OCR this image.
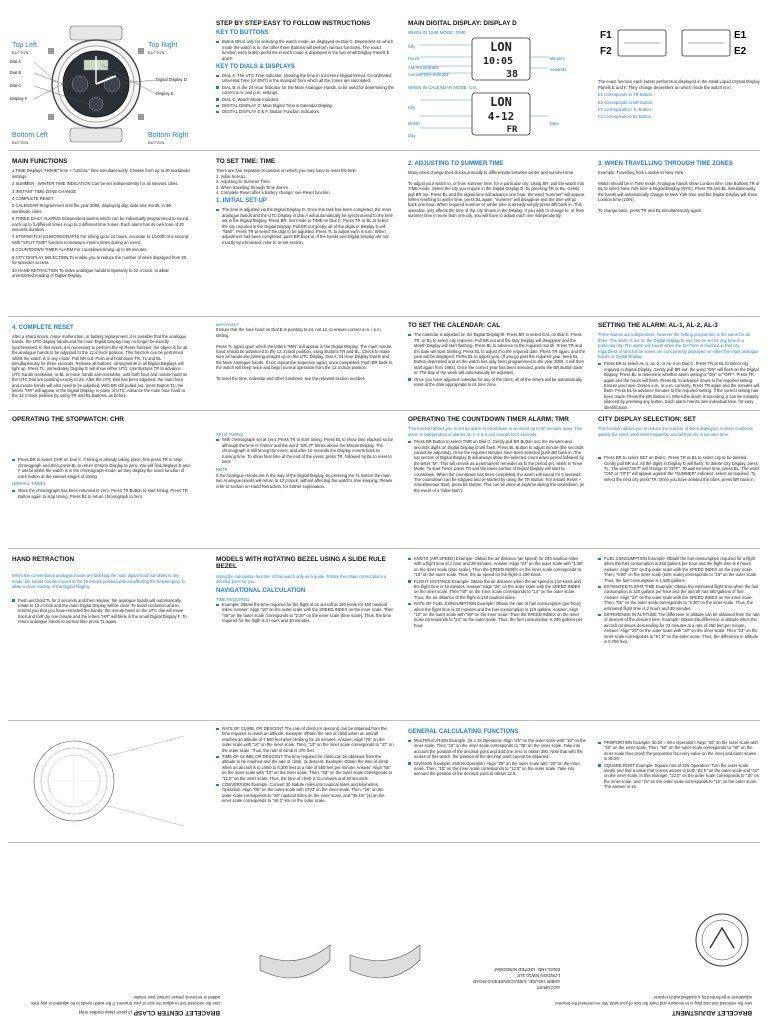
Top Left
BUTTON
Top Right
BUTTON
Bottom Left
BUTTON
Bottom Right
BUTTON
Dial A
Dial B
Dial C
Display F
Digital Display D
Display E
STEP BY STEP EASY TO FOLLOW INSTRUCTIONS
KEY TO BUTTONS
Button BR is only for selecting the watch mode, as displayed on Dial C. Dependent on which mode the watch is in, the other three Buttons will perform various functions. The exact function each button performs in each mode is displayed in the two small Display Panels E and F.
KEY TO DIALS & DISPLAYS
DIAL A: The UTC Time Indicator, showing the time in a 24 Hour Digital format. Co-ordinated Universal Time (or GMT) is the standard from which all the zones are calculated.
DIAL B: is the 24 Hour Indicator for the Main Analogue Hands, to be used for determining the correct a.m. and p.m. settings.
DIAL C: Watch Mode Indicator.
DIGITAL DISPLAY D: Main Digital Time & Calendar Display.
DIGITAL DISPLAY E & F: Button Function Indicators.
MAIN DIGITAL DISPLAY: DISPLAY D
WHEN IN TIME MODE: TIME
LON
10:05
38
City
Hours
AM/PM Indicator
Summertime Indicator
Minutes
Seconds
WHEN IN CALENDAR MODE: CAL
LON
4-12
FR
City
Month
Day
Date
F1
F2
E1
E2
The exact function each button performs is displayed in the small Liquid Crystal Display Panels E and F. They change dependent on which mode the watch is in.
E1 corresponds to TR Button
E2 corresponds to BR Button
F1 corresponds to TL Button
F2 corresponds to BL Button
MAIN FUNCTIONS
1 TIME Displays "HOME" time + "LOCAL" time simultaneously. Choose from up to 30 worldwide settings.
2 SUMMER - WINTER TIME INDICATION Can be set independently for all relevant cities.
3 INSTANT TIME-ZONE CHANGE
4 COMPLETE RESET
5 CALENDAR Programmed until the year 2089, displaying day, date and month, in 30 worldwide cities.
6 THREE DAILY ALARMS Independent alarms which can be individually programmed to sound each up to 3 different times in up to 3 different time zones. Each alarm has its own tone of 20 seconds duration.
7 STOPWATCH (CHRONOGRAPH) For timing up to 24 hours. Accurate to 1/100th of a second. With "SPLIT TIME" function to measure interim times during an event.
8 COUNTDOWN TIMER ALARM For countdown timing up to 60 minutes.
9 CITY DISPLAY SELECTION To enable you to reduce the number of cities displayed from 30, for speedier access.
10 HAND RETRACTION To move analogue hands temporarily to 12 o'clock, to allow unrestricted reading of Digital Display.
TO SET TIME: TIME
There are four separate occasions on which you may have to reset the time:
1. Initial Set-Up.
2. Adjusting to Summer Time.
3. When travelling through Time Zones.
4. Complete Reset after a battery change: see Reset function.
1. INITIAL SET-UP
The time is adjusted via the Digital Display D. Once this task has been completed, the main analogue hands and the UTC Display in Dial A will automatically be synchronised to the time set in the Digital Display. Press BR. Set mode to TIME on Dial C. Press TR or BL to select the city required in the Digital Display. Pull BR out gently, all of the digits in Display D will "flash". Press TR to select the digit to be adjusted. Press TL to adjust each in turn. When adjustment has been completed, push BR back in. If the hands and Digital Display are not exactly synchronised, refer to re-set section.
2. ADJUSTING TO SUMMER TIME
Many cities change their clocks annually to differentiate between winter and summer time.

To adjust your watch to, or from summer time, for a particular city: Using BR, pull the watch into TIME mode. Select the city you require in the Digital Display D, by pressing TR or BL. Gently pull BR out. Press BL and the digital time will advance one hour, the word "summer" will appear. When resetting to winter time, press BL again; "summer" will disappear and the time will go back one hour. When required summer or winter time is already simply press BR back in. This operation only affects the time of the city shown in the Display. If you wish to change to, or from summer time in more than one city, you will have to adjust each one independently.
3. WHEN TRAVELLING THROUGH TIME ZONES
Example: Travelling from London to New York.

Watch should be in Time mode. Analogue hands show London time. Use Buttons TR or BL to select New York time in Digital Display (NYC). Press TR and BL simultaneously, the hands will automatically change to New York time and the Digital Display will show London time (LON).

To change back, press TR and BL simultaneously again.
4. COMPLETE RESET
After a sharp knock, minor malfunction, or battery replacement, it is possible that the analogue hands, the UTC display hands and the main Digital Display may no longer be exactly synchronised. In this event, it is necessary to perform the All Reset function; the object is for all the analogue hands to be adjusted to the 12 o'clock position. This function can be performed whilst the watch is in any mode. Pull BR out. Push and hold down TR, TL and BL simultaneously for three seconds. Release all buttons: all segments in all Digital Displays will light up. Press TL: immediately Display E will show either UTC. Use Buttons TR to advance UTC hands clockwise, or BL to move hands anti-clockwise, until both hour and minute hand on the UTC Dial are pointing exactly to 24. After the UTC Dial has been adjusted, the main hour and minute hands will also need to be adjusted. With BR still pulled out, press Button TL; the letters "HR" will appear in the Digital Display, in place of UTC. Advance the main hour hand to the 12 o'clock position by using TR and BL Buttons, as before.
IMPORTANT
Ensure that the hour hand on Dial B is pointing to 24, not 12, to ensure correct a.m. / p.m. setting.

Press TL again upon which the letters "MIN" will appear in the Digital Display. The main minute hand should be advanced to the 12 o'clock position, using Buttons TR and BL. Check to make sure all hands are pointing straight up on the UTC Display, Dial A, 24 Hour Display Dial B and the Main Analogue hands. If not, repeat the sequence again, once completed. Push BR back in, the watch will beep twice and begin normal operation from the 12 o'clock position.

To reset the time, calendar and other functions, see the relevant section number.
TO SET THE CALENDAR: CAL
The calendar is adjusted on the Digital Display D. Press BR to select CAL on Dial C. Press TR, or BL to select city required. Pull BR out and the Day Display will disappear and the Month Display will start flashing. Press BL to advance to the required month. Press TR and the date will start blinking. Press BL to adjust it to the required date. Press TR again, and the year will be displayed. Press BL to adjust year. (If you go past the required year, keep BL Button depressed and as the watch has only been programmed to the year 2089, it will then start again from 1984). Once the correct year has been selected, press the BR Button back in. The day of the week will automatically be adjusted.
Once you have adjusted calendar for any of the cities, all of the others will be automatically reset at the date appropriate to its time zone.
SETTING THE ALARM: AL-1, AL-2, AL-3
Three Alarms are independent, however the setting programme is the same for all three. The alarm is set on the Digital Display D and can be set for any time in a particular city. The alarm will sound when the Set Time is reached in that city, regardless of which time zones are concurrently displayed on either the main analogue hands or Digital Display.
Press BR to select AL-1, AL-2, or AL-3 on Dial C. Press TR or BL to select city required in Digital Display. Gently pull BR out: the word "ON" will flash on the Digital Display. Press BL to determine whether alarm setting is "ON" or "OFF". Press TR again and the hours will flash. Press BL to advance hours to the required setting. Ensure you have chosen a.m. or p.m. correctly. Press TR again and the minutes will flash. Press BL to advance minutes to the required setting. If the correct setting has been made: Press the BR Button in. When the alarm is sounding, it can be instantly silenced by pressing any button. Each alarm has its own individual tone, for easy identification.
OPERATING THE STOPWATCH: CHR
Press BR to select CHR on Dial C. If timing is already taking place, first press TR to stop chronograph and then press BL to return Chrono Display to zero. You will find displays E and F useful whilst the watch is in the chronograph mode, as they display the exact function of each button at the various stages of timing.
NORMAL TIMING
Once the chronograph has been returned to zero, Press TR Button to start timing. Press TR Button again to stop timing. Press BL to return chronograph to zero.
SPLIT TIMING
With chronograph set at zero: Press TR to start timing. Press BL to show time elapsed so far although the time is 'frozen' and the word "SPLIT" blinks above the Minute Display. The chronograph is still timing the event, and after 10 seconds the Display reverts back to running time. To show final time at the end of the event, press TR, followed by BL to reset to zero.
NOTE
If the Analogue Hands are in the way of the Digital Display, by pressing the TL Button the main two Analogue Hands will return to 12 o'clock, without affecting the watch's time keeping. Please refer to section on Hand Retraction, for further explanation.
OPERATING THE COUNTDOWN TIMER ALARM: TMR
This function allows you to set an alarm to countdown to an event up to 60 minutes away. This alarm is independent of alarms AL-1, 2 & 3 and sounds for 5 seconds.
Press BR Button to select TMR on Dial C. Gently pull BR Button out: the minutes and seconds digits on Digital Display D will flash. Press BL Button to adjust minute (the seconds cannot be adjusted). Once the required minutes have been selected push BR back in. The top section of Digital Display D will always show the selected count down period followed by the letter "M". This will remain as a permanent reminder as to the period set, whilst in Timer Mode. To start Timer, press TR and the lower portion of Digital Display will start to countdown. When the countdown has been completed, the alarm will sound for 5 seconds. The countdown can be stopped and re-started by using the TR Button. For instant Reset + Simultaneous Start, press BL Button. This can be done at anytime during the countdown, (in the event of a 'false-start').
CITY DISPLAY SELECTION: SET
This function allows you to reduce the number of cities displayed, in order to access quickly the cities used most frequently, and all that city is summer time.
Press BR to select SET on Dial C. Press TR or BL to select city to be deleted. Gently pull BR out. All the digits in Display D will flash. To delete City Display, press TL. The word "SET" will change to "OFF". To add summer time, press BL. The word "ON" or "OFF" will appear against the "SUMMER" indicator; select as required. To select the next city press TR. Once you have deleted the cities, press BR back in.
HAND RETRACTION
When the conventional analogue hands are blocking the main digital read out whilst in any mode, the hands can be moved to the 12 o'clock position without affecting the timekeeping, to allow a clear reading of the Digital Display.
Push and hold TL for 3 seconds and then release; the analogue hands will automatically rotate to 12 o'clock and the main Digital Display will be clear. To avoid confusion and to remind you that you have retracted the hands, the minute hand on the UTC dial will move back and forth by one minute and the letters "HR" will blink in the small Digital Display F. To return analogue hands to normal time press TL again.
MODELS WITH ROTATING BEZEL USING A SLIDE RULE BEZEL
Using the calculation function of this watch only as a guide. Rotate the rotate correct place a decimal point for you.
NAVIGATIONAL CALCULATION
TIME REQUIRED
Example: Obtain the time required for the flight of an aircraft at 180 knots for 450 nautical miles. Answer: Align "18" on the outer scale with the SPEED INDEX on the inner scale. Then "45" on the outer scale corresponds to "2:30" on the inner scale (time scale). Thus, the time required for the flight is 2 hours and 30 minutes.
KNOTS (AIR SPEED) Example: Obtain the air distance (air speed) for 240 nautical miles with a flight time of 1 hour and 20 minutes. Answer: Align "24" on the outer scale with "1:20" on the inner scale (time scale). Then the SPEED INDEX on the inner scale corresponds to "18" on the outer scale. Thus, the air speed for the flight is 180 knots.
FLIGHT DISTANCE Example: Obtain the air distance when the air speed is 210 knots and the flight time is 40 minutes. Answer: Align "21" on the outer scale with the SPEED INDEX on the inner scale. Then "40" on the inner scale corresponds to "14" on the outer scale. Thus, the air distance of the flight is 140 nautical miles.
RATE OF FUEL CONSUMPTION Example: Obtain the rate of fuel consumption (per hour) when the flight time is 30 minutes and the fuel consumption is 120 gallons. Answer: Align "12" on the outer scale with "30" on the inner scale. Then the SPEED INDEX on the inner scale corresponds to "24" on the outer scale. Thus, the fuel consumption is 240 gallons per hour.
FUEL CONSUMPTION Example: Obtain the fuel consumption required for a flight when the fuel consumption is 250 gallons per hour and the flight time is 6 hours. Answer: Align "25" on the outer scale with the SPEED INDEX on the inner scale. Then, "6:00" on the inner scale (time scale) corresponds to "15" on the outer scale. Thus, the fuel consumption is 1,500 gallons.
ESTIMATED FLIGHT TIME Example: Obtain the estimated flight time when the fuel consumption is 220 gallons per hour and the aircraft has 550 gallons of fuel. Answer: Align "22" on the outer scale with the SPEED INDEX on the inner scale. Then, "55" on the outer scale corresponds to "2:30" on the inner scale. Thus, the estimated flight time is 2 hours and 30 minutes.
DIFFERENCE IN ALTITUDE The difference in altitude can be obtained from the rate of descent of the descent time. Example: Obtain the difference in altitude when the aircraft continues descending for 23 minutes at a rate of 250 feet per minute. Answer: Align "25" on the outer scale with "10" on the inner scale. Then "23" on the inner scale corresponds to "57.5" on the outer scale. Thus, the difference in altitude is 5,750 feet.
RATE OF CLIMB, OR DESCENT The rate of climb (or descent) can be obtained from the time required to reach an altitude. Example: Obtain the rate of climb when an aircraft reaches an altitude of 7,500 feet after climbing for 16 minutes. Answer: Align "75" on the outer scale with "16" on the inner scale. Then, "10" on the inner scale corresponds to "47" on the outer scale. Thus, the rate of climb is 470 feet.
TIME OF CLIMB, OR DESCENT The time required for climb can be obtained from the altitude to be reached and the rate of climb, or descent. Example: Obtain the time of climb when an aircraft is to climb to 6,300 feet at a rate of 550 feet per minute. Answer: Align "55" on the outer scale with "10" on the inner scale. Then, "63" on the outer scale corresponds to "11.5" on the inner scale. Thus, the time of climb is 11 minutes and 30 seconds.
CONVERSION Example: Convert 30 statute miles into nautical miles and kilometres. Operation: Align "30" on the outer scale with STAT on the inner scale. Then, "26" on the outer scale corresponds to "26" nautical miles on the inner scale, and "48 km" (s) on the inner scale corresponds to "48.2" km on the outer scale.
GENERAL CALCULATING FUNCTIONS
MULTIPLICATION Example: 25 x 15 Operation: Align "25" on the outer scale with "10" on the inner scale. Then "15" on the inner scale corresponds to "38" on the outer scale. Take into account the position of the decimal point and add one zero to obtain 380. Note that with the scales of this watch, the position of the decimal point cannot be obtained.
DIVISION Example: 250/20 Operation: Align "25" on the outer scale with "20" on the inner scale. Then, "10" on the inner scale corresponds to "12.5" on the outer scale. Take into account the position of the decimal point to obtain 12.5.
PROPORTION Example: 30:20 = 60:x Operation: Align "30" on the outer scale with "20" on the inner scale. Then, "60" on the outer scale corresponds to "40" on the inner scale thus proof; the proportion for every value on the inner and outer scales is 30:20.
SQUARE ROOT Example: Square root of 225 Operation: Turn the outer scale slowly and find a value that comes across to both "22.5" on the outer scale and "10" on the inner scale. In this example, "22.5" on the outer scale corresponds to "15" on the inner scale, and "15" on the outer scale corresponds to "15" on the outer scale. The answer is 15.
BRACELET ADJUSTMENT
Use the enclosed tool and plug in to measure and mark the size of your wrist. We recommend the bracelet adjustment is performed by a qualified watch repairer.
ACCURIST
AMER HOUSE, 6 BEACONSFIELD ROAD
LONDON NW10 2LE
ENGLAND, UNITED KINGDOM
BRACELET CENTER CLASP (2 piece clasp models only)
Use the enclosed tool to adjust the size of your bracelet. If the watch needs to be adjusted or any links added or removed, please contact your retailer.
